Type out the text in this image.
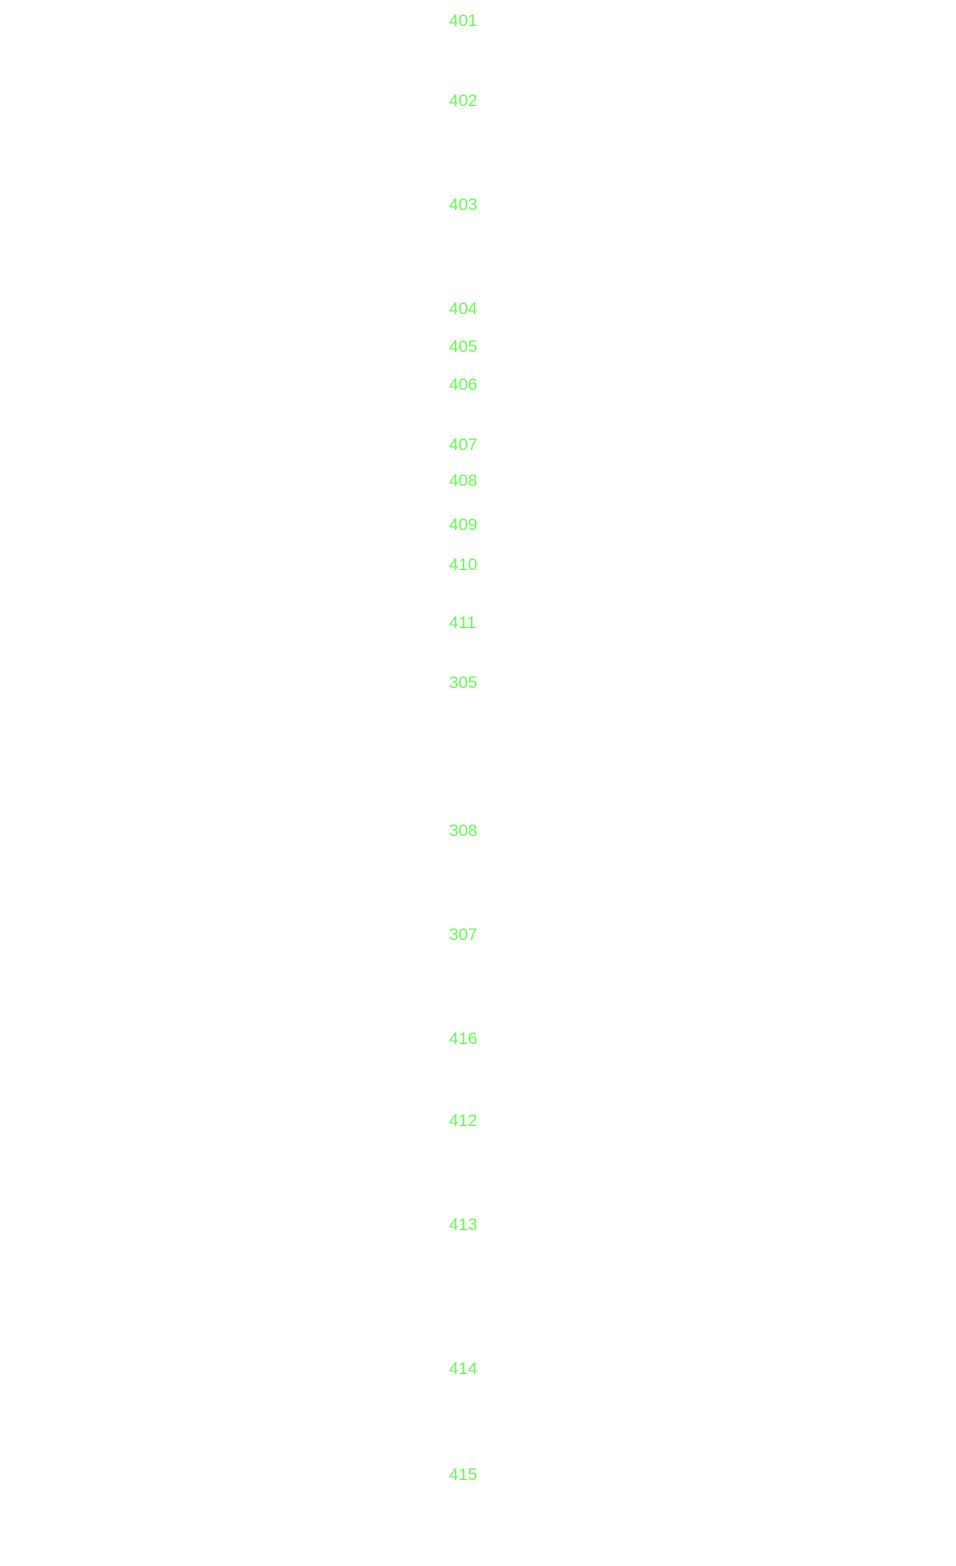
401
402
403
404
405
406
407
408
409
410
411
305
308
307
416
412
413
414
415
